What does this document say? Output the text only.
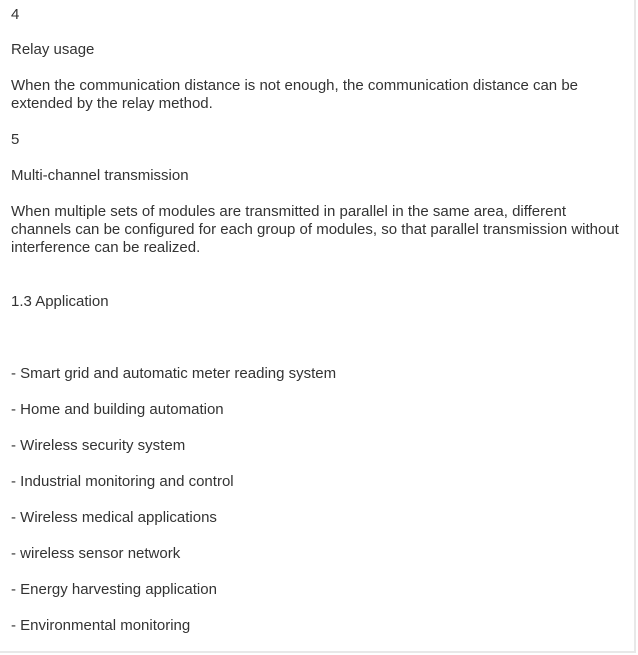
4
Relay usage
When the communication distance is not enough, the communication distance can be extended by the relay method.
5
Multi-channel transmission
When multiple sets of modules are transmitted in parallel in the same area, different channels can be configured for each group of modules, so that parallel transmission without interference can be realized.
1.3 Application
- Smart grid and automatic meter reading system
- Home and building automation
- Wireless security system
- Industrial monitoring and control
- Wireless medical applications
- wireless sensor network
- Energy harvesting application
- Environmental monitoring
